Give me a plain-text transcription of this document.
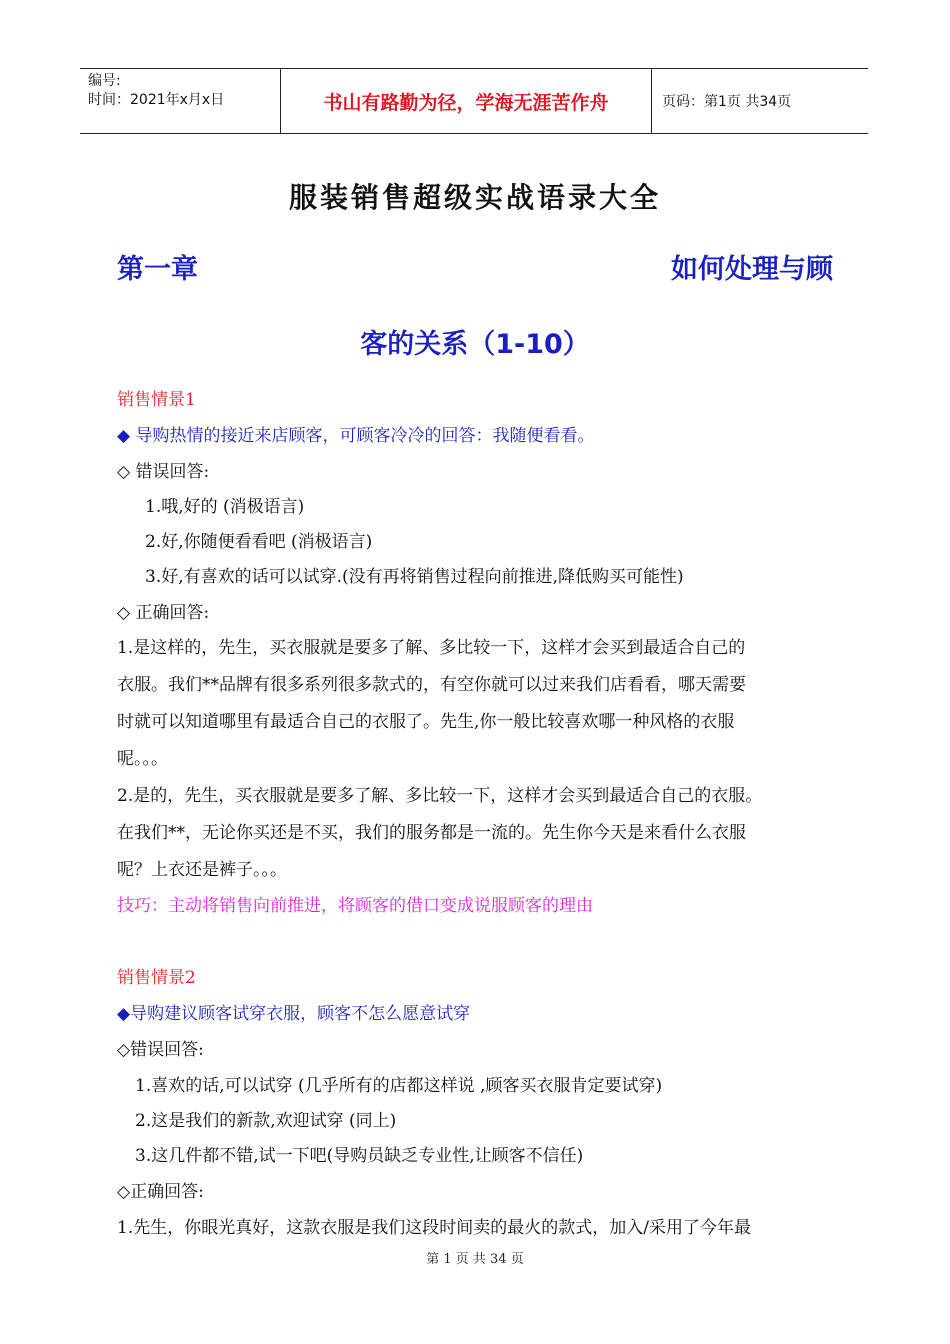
编号:
时间：2021年x月x日	书山有路勤为径，学海无涯苦作舟	页码：第1页 共34页
服装销售超级实战语录大全
第一章	如何处理与顾
客的关系（1-10）
销售情景1
◆ 导购热情的接近来店顾客，可顾客冷冷的回答：我随便看看。
◇ 错误回答:
1.哦,好的 (消极语言)
2.好,你随便看看吧 (消极语言)
3.好,有喜欢的话可以试穿.(没有再将销售过程向前推进,降低购买可能性)
◇ 正确回答:
1.是这样的，先生，买衣服就是要多了解、多比较一下，这样才会买到最适合自己的
衣服。我们**品牌有很多系列很多款式的，有空你就可以过来我们店看看，哪天需要
时就可以知道哪里有最适合自己的衣服了。先生,你一般比较喜欢哪一种风格的衣服
呢。。。
2.是的，先生，买衣服就是要多了解、多比较一下，这样才会买到最适合自己的衣服。
在我们**，无论你买还是不买，我们的服务都是一流的。先生你今天是来看什么衣服
呢？上衣还是裤子。。。
技巧：主动将销售向前推进，将顾客的借口变成说服顾客的理由
销售情景2
◆导购建议顾客试穿衣服，顾客不怎么愿意试穿
◇错误回答:
1.喜欢的话,可以试穿 (几乎所有的店都这样说 ,顾客买衣服肯定要试穿)
2.这是我们的新款,欢迎试穿 (同上)
3.这几件都不错,试一下吧(导购员缺乏专业性,让顾客不信任)
◇正确回答:
1.先生，你眼光真好，这款衣服是我们这段时间卖的最火的款式，加入/采用了今年最
第 1 页 共 34 页
